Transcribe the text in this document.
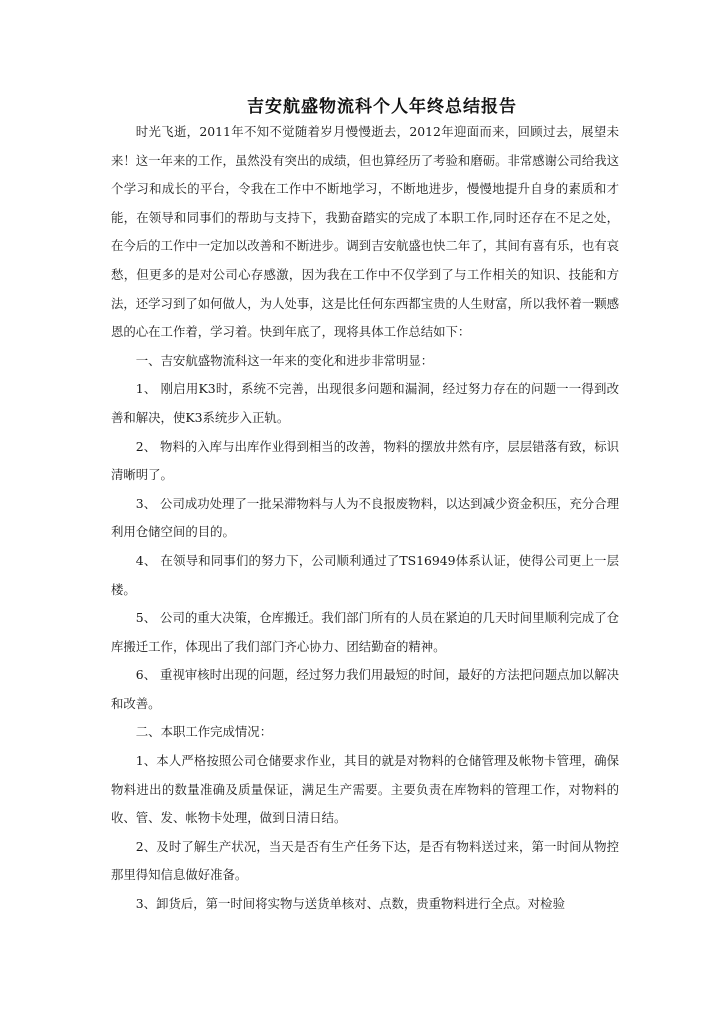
吉安航盛物流科个人年终总结报告

时光飞逝，2011年不知不觉随着岁月慢慢逝去，2012年迎面而来，回顾过去，展望未来！这一年来的工作，虽然没有突出的成绩，但也算经历了考验和磨砺。非常感谢公司给我这个学习和成长的平台，令我在工作中不断地学习，不断地进步，慢慢地提升自身的素质和才能，在领导和同事们的帮助与支持下，我勤奋踏实的完成了本职工作,同时还存在不足之处，在今后的工作中一定加以改善和不断进步。调到吉安航盛也快二年了，其间有喜有乐，也有哀愁，但更多的是对公司心存感激，因为我在工作中不仅学到了与工作相关的知识、技能和方法，还学习到了如何做人，为人处事，这是比任何东西都宝贵的人生财富，所以我怀着一颗感恩的心在工作着，学习着。快到年底了，现将具体工作总结如下：

一、吉安航盛物流科这一年来的变化和进步非常明显：

1、 刚启用K3时，系统不完善，出现很多问题和漏洞，经过努力存在的问题一一得到改善和解决，使K3系统步入正轨。

2、 物料的入库与出库作业得到相当的改善，物料的摆放井然有序，层层错落有致，标识清晰明了。

3、 公司成功处理了一批呆滞物料与人为不良报废物料，以达到减少资金积压，充分合理利用仓储空间的目的。

4、 在领导和同事们的努力下，公司顺利通过了TS16949体系认证，使得公司更上一层楼。

5、 公司的重大决策，仓库搬迁。我们部门所有的人员在紧迫的几天时间里顺利完成了仓库搬迁工作，体现出了我们部门齐心协力、团结勤奋的精神。

6、 重视审核时出现的问题，经过努力我们用最短的时间，最好的方法把问题点加以解决和改善。

二、本职工作完成情况：

1、本人严格按照公司仓储要求作业，其目的就是对物料的仓储管理及帐物卡管理，确保物料进出的数量准确及质量保证，满足生产需要。主要负责在库物料的管理工作，对物料的收、管、发、帐物卡处理，做到日清日结。

2、及时了解生产状况，当天是否有生产任务下达，是否有物料送过来，第一时间从物控那里得知信息做好准备。

3、卸货后，第一时间将实物与送货单核对、点数，贵重物料进行全点。对检验
